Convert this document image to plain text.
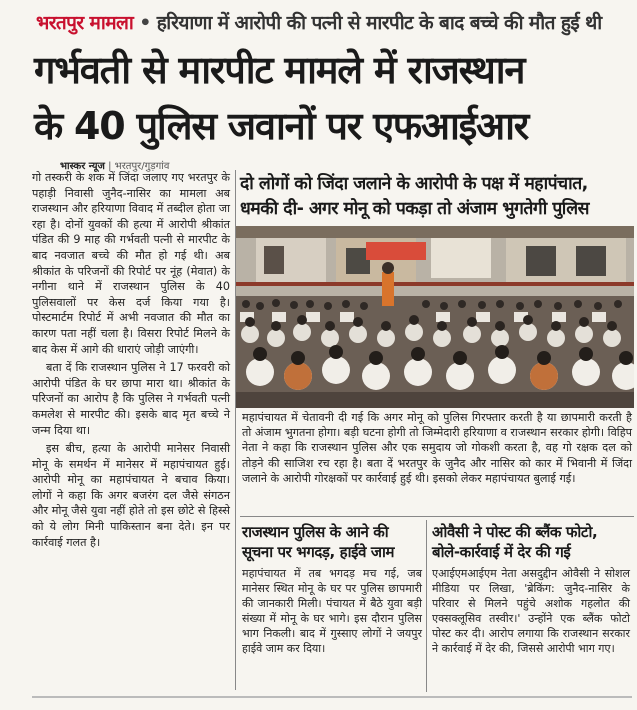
भरतपुर मामला • हरियाणा में आरोपी की पत्नी से मारपीट के बाद बच्चे की मौत हुई थी
गर्भवती से मारपीट मामले में राजस्थान
के 40 पुलिस जवानों पर एफआईआर
भास्कर न्यूज | भरतपुर/गुड़गांव

गो तस्करी के शक में जिंदा जलाए गए भरतपुर के पहाड़ी निवासी जुनैद-नासिर का मामला अब राजस्थान और हरियाणा विवाद में तब्दील होता जा रहा है। दोनों युवकों की हत्या में आरोपी श्रीकांत पंडित की 9 माह की गर्भवती पत्नी से मारपीट के बाद नवजात बच्चे की मौत हो गई थी। अब श्रीकांत के परिजनों की रिपोर्ट पर नूंह (मेवात) के नगीना थाने में राजस्थान पुलिस के 40 पुलिसवालों पर केस दर्ज किया गया है। पोस्टमार्टम रिपोर्ट में अभी नवजात की मौत का कारण पता नहीं चला है। विसरा रिपोर्ट मिलने के बाद केस में आगे की धाराएं जोड़ी जाएंगी।

बता दें कि राजस्थान पुलिस ने 17 फरवरी को आरोपी पंडित के घर छापा मारा था। श्रीकांत के परिजनों का आरोप है कि पुलिस ने गर्भवती पत्नी कमलेश से मारपीट की। इसके बाद मृत बच्चे ने जन्म दिया था।

इस बीच, हत्या के आरोपी मानेसर निवासी मोनू के समर्थन में मानेसर में महापंचायत हुई। आरोपी मोनू का महापंचायत ने बचाव किया। लोगों ने कहा कि अगर बजरंग दल जैसे संगठन और मोनू जैसे युवा नहीं होते तो इस छोटे से हिस्से को ये लोग मिनी पाकिस्तान बना देते। इन पर कार्रवाई गलत है।

दो लोगों को जिंदा जलाने के आरोपी के पक्ष में महापंचात,
धमकी दी- अगर मोनू को पकड़ा तो अंजाम भुगतेगी पुलिस

महापंचायत में चेतावनी दी गई कि अगर मोनू को पुलिस गिरफ्तार करती है या छापमारी करती है तो अंजाम भुगतना होगा। बड़ी घटना होगी तो जिम्मेदारी हरियाणा व राजस्थान सरकार होगी। विहिप नेता ने कहा कि राजस्थान पुलिस और एक समुदाय जो गोकशी करता है, वह गो रक्षक दल को तोड़ने की साजिश रच रहा है। बता दें भरतपुर के जुनैद और नासिर को कार में भिवानी में जिंदा जलाने के आरोपी गोरक्षकों पर कार्रवाई हुई थी। इसको लेकर महापंचायत बुलाई गई।

राजस्थान पुलिस के आने की
सूचना पर भगदड़, हाईवे जाम

महापंचायत में तब भगदड़ मच गई, जब मानेसर स्थित मोनू के घर पर पुलिस छापमारी की जानकारी मिली। पंचायत में बैठे युवा बड़ी संख्या में मोनू के घर भागे। इस दौरान पुलिस भाग निकली। बाद में गुस्साए लोगों ने जयपुर हाईवे जाम कर दिया।

ओवैसी ने पोस्ट की ब्लैंक फोटो,
बोले-कार्रवाई में देर की गई

एआईएमआईएम नेता असदुद्दीन ओवैसी ने सोशल मीडिया पर लिखा, 'ब्रेकिंग: जुनैद-नासिर के परिवार से मिलने पहुंचे अशोक गहलोत की एक्सक्लूसिव तस्वीर।' उन्होंने एक ब्लैंक फोटो पोस्ट कर दी। आरोप लगाया कि राजस्थान सरकार ने कार्रवाई में देर की, जिससे आरोपी भाग गए।
